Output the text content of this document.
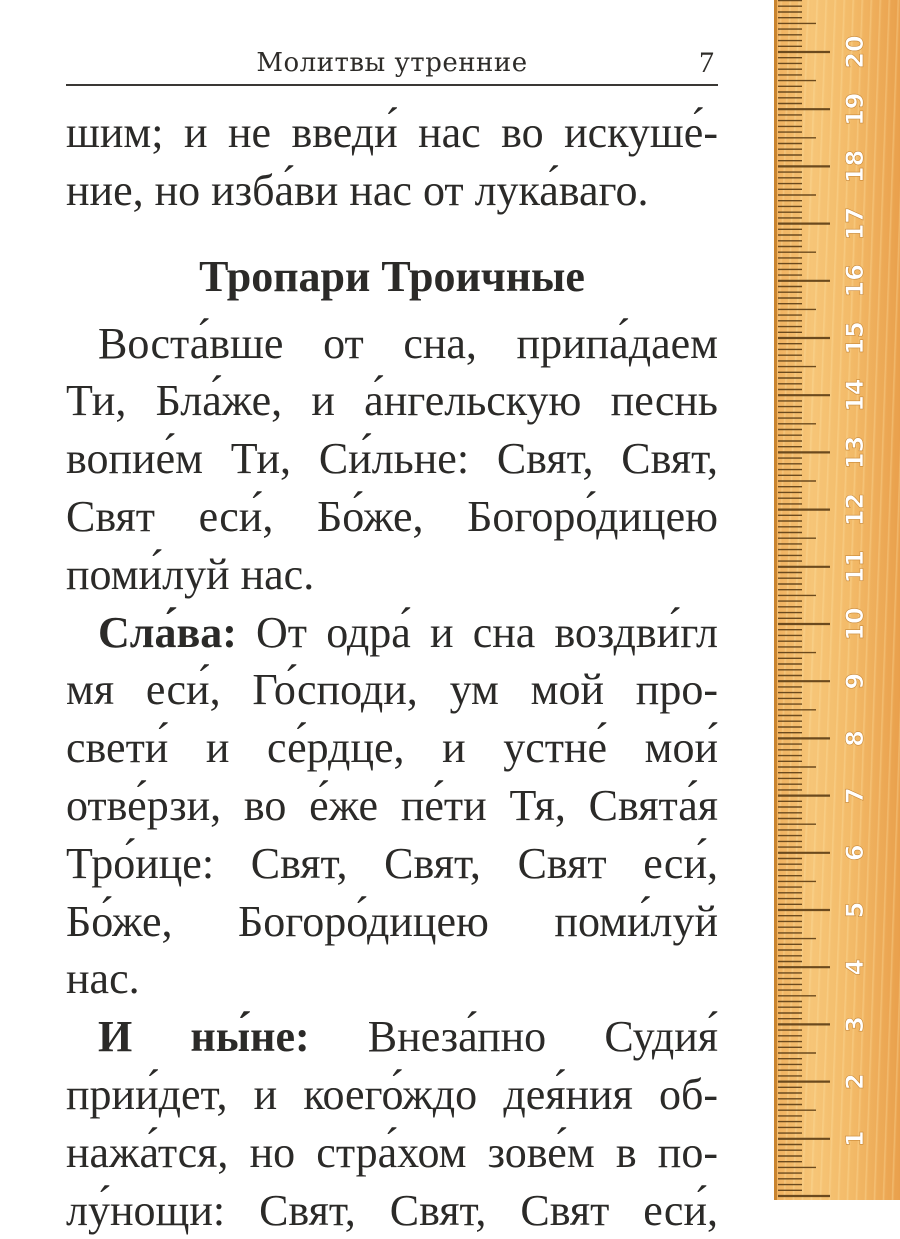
Молитвы утренние	7
шим; и не введи́ нас во искуше́-
ние, но изба́ви нас от лука́ваго.
Тропари Троичные
Воста́вше от сна, припа́даем
Ти, Бла́же, и а́нгельскую песнь
вопие́м Ти, Си́льне: Свят, Свят,
Свят еси́, Бо́же, Богоро́дицею
поми́луй нас.
Сла́ва: От одра́ и сна воздви́гл
мя еси́, Го́споди, ум мой про-
свети́ и се́рдце, и устне́ мои́
отве́рзи, во е́же пе́ти Тя, Свята́я
Тро́ице: Свят, Свят, Свят еси́,
Бо́же, Богоро́дицею поми́луй
нас.
И ны́не: Внеза́пно Судия́
прии́дет, и коего́ждо дея́ния об-
нажа́тся, но стра́хом зове́м в по-
лу́нощи: Свят, Свят, Свят еси́,
1
2
3
4
5
6
7
8
9
10
11
12
13
14
15
16
17
18
19
20
